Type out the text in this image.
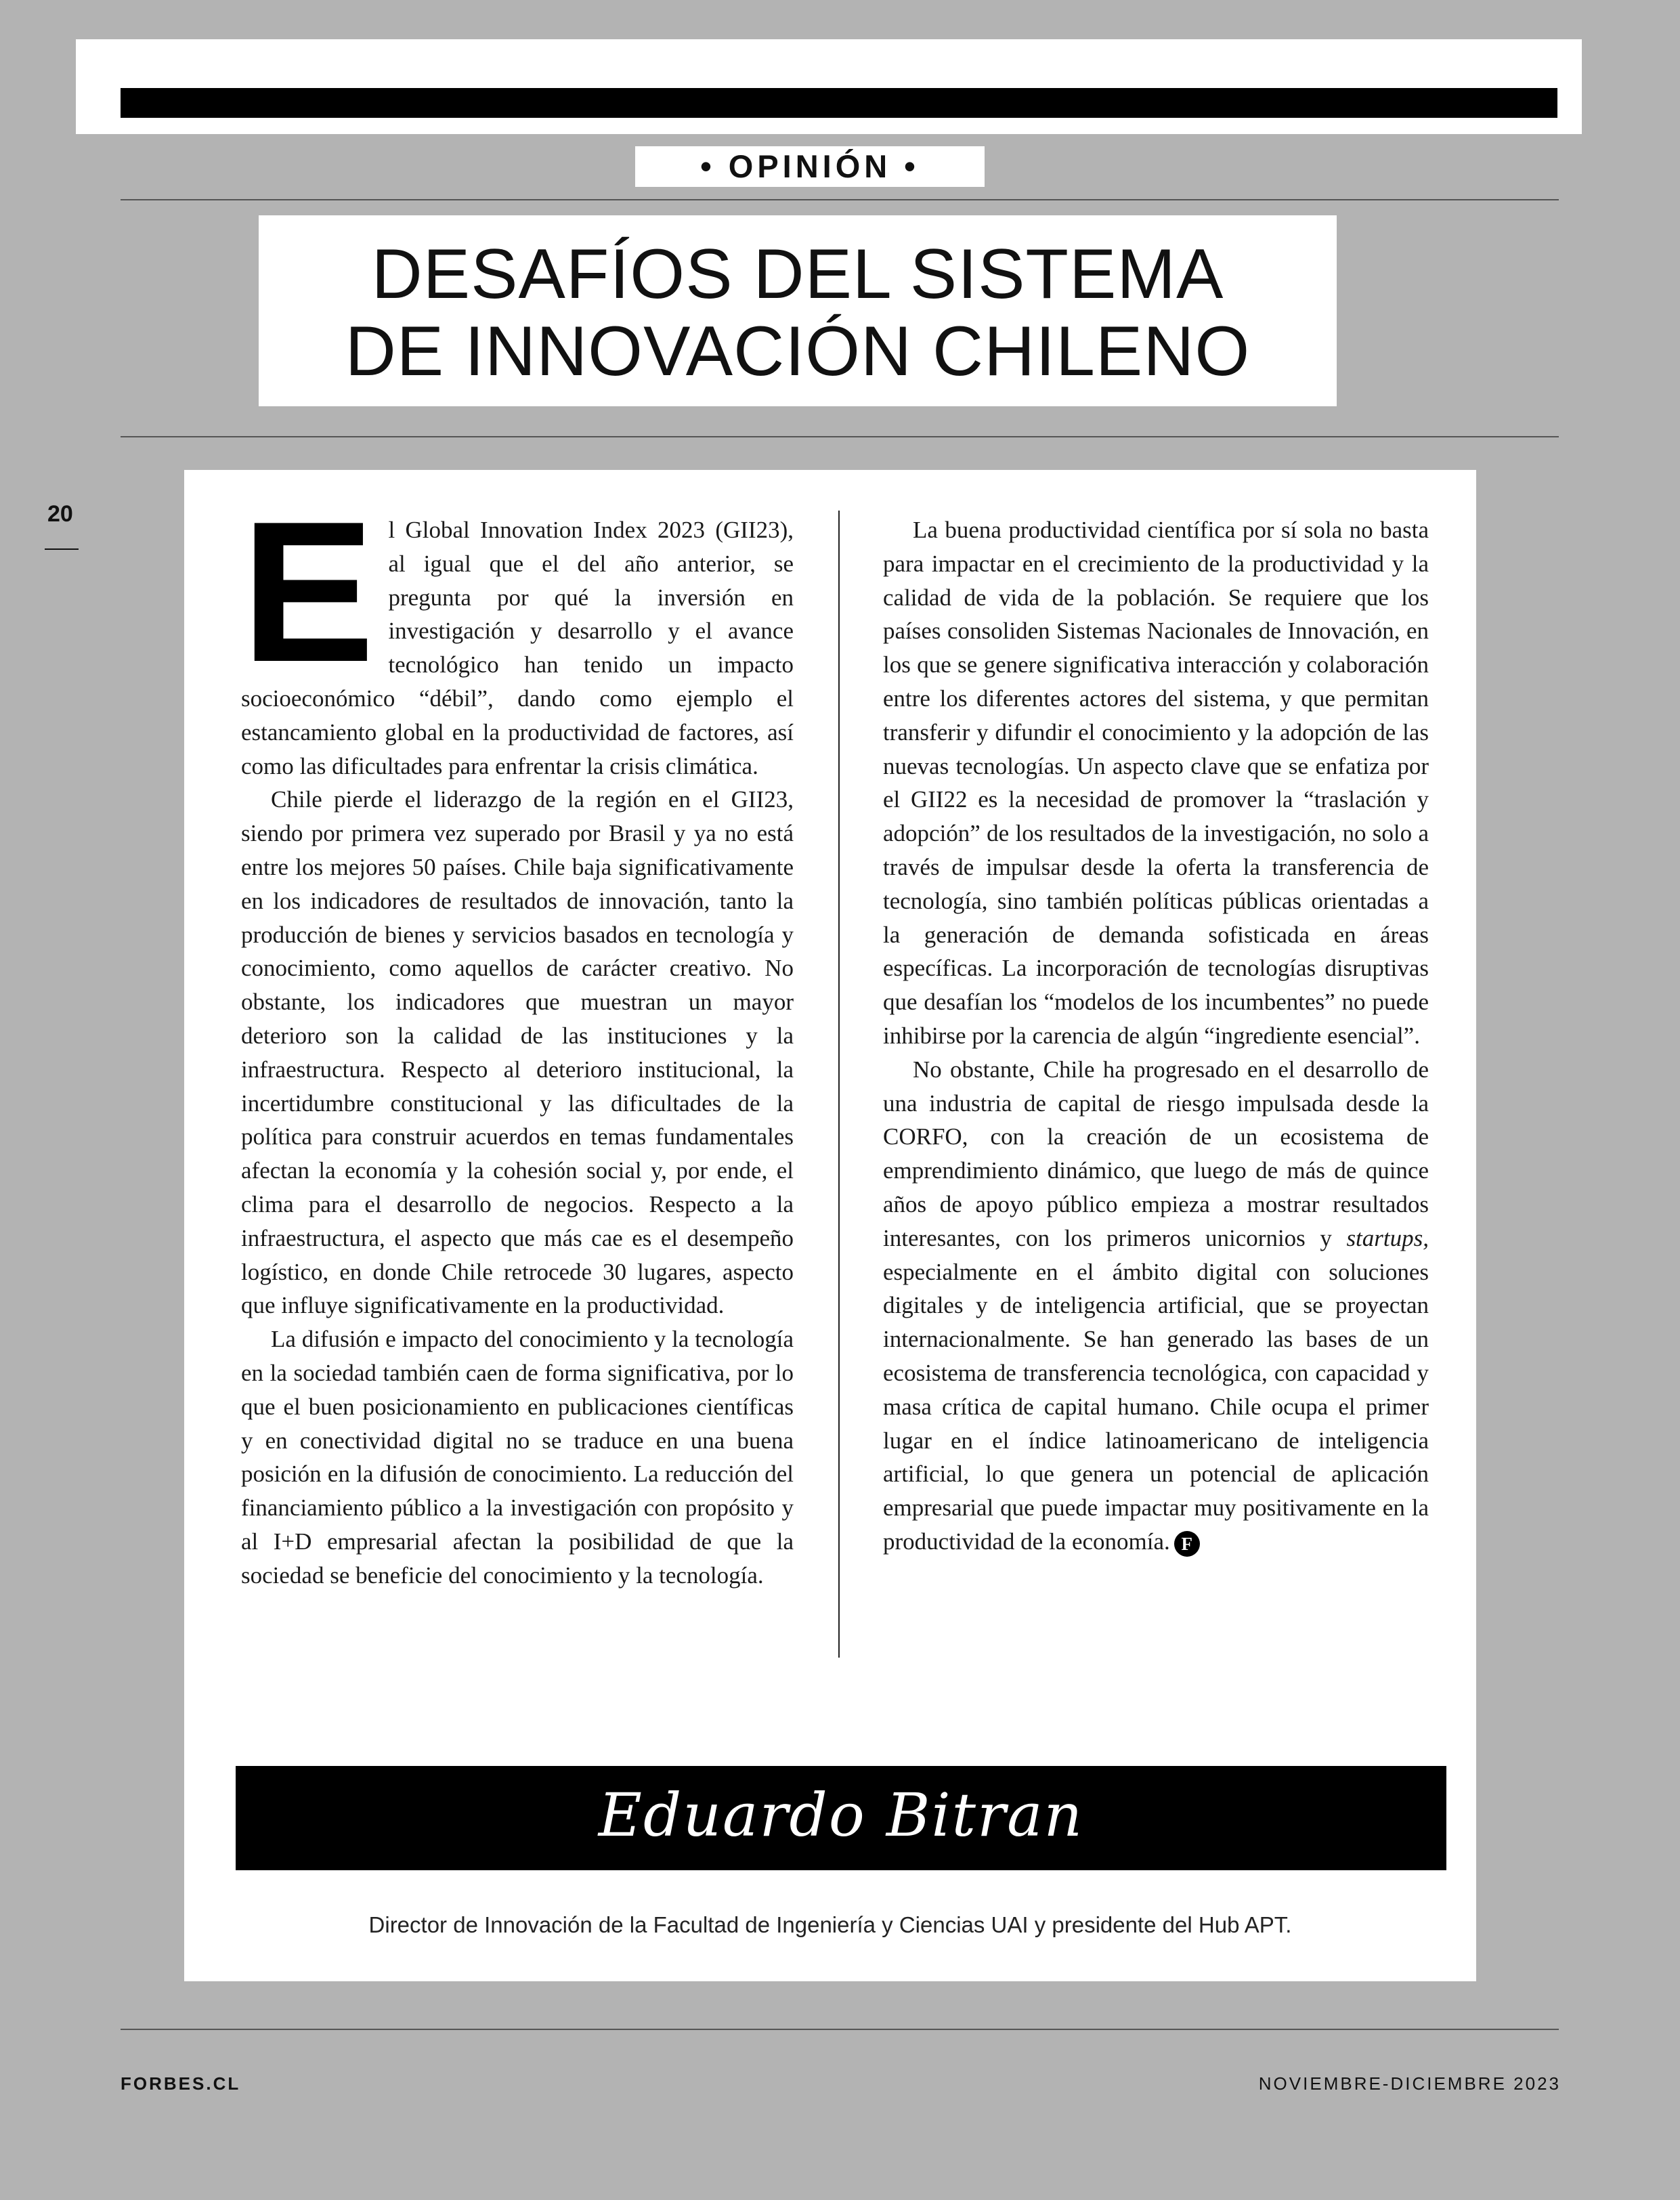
• OPINIÓN •
DESAFÍOS DEL SISTEMA
DE INNOVACIÓN CHILENO
20 El Global Innovation Index 2023 (GII23), al igual que el del año anterior, se pregunta por qué la inversión en investigación y desarrollo y el avance tecnológico han tenido un impacto socioeconómico “débil”, dando como ejemplo el estancamiento global en la productividad de factores, así como las dificultades para enfrentar la crisis climática.

Chile pierde el liderazgo de la región en el GII23, siendo por primera vez superado por Brasil y ya no está entre los mejores 50 países. Chile baja significativamente en los indicadores de resultados de innovación, tanto la producción de bienes y servicios basados en tecnología y conocimiento, como aquellos de carácter creativo. No obstante, los indicadores que muestran un mayor deterioro son la calidad de las instituciones y la infraestructura. Respecto al deterioro institucional, la incertidumbre constitucional y las dificultades de la política para construir acuerdos en temas fundamentales afectan la economía y la cohesión social y, por ende, el clima para el desarrollo de negocios. Respecto a la infraestructura, el aspecto que más cae es el desempeño logístico, en donde Chile retrocede 30 lugares, aspecto que influye significativamente en la productividad.

La difusión e impacto del conocimiento y la tecnología en la sociedad también caen de forma significativa, por lo que el buen posicionamiento en publicaciones científicas y en conectividad digital no se traduce en una buena posición en la difusión de conocimiento. La reducción del financiamiento público a la investigación con propósito y al I+D empresarial afectan la posibilidad de que la sociedad se beneficie del conocimiento y la tecnología.

La buena productividad científica por sí sola no basta para impactar en el crecimiento de la productividad y la calidad de vida de la población. Se requiere que los países consoliden Sistemas Nacionales de Innovación, en los que se genere significativa interacción y colaboración entre los diferentes actores del sistema, y que permitan transferir y difundir el conocimiento y la adopción de las nuevas tecnologías. Un aspecto clave que se enfatiza por el GII22 es la necesidad de promover la “traslación y adopción” de los resultados de la investigación, no solo a través de impulsar desde la oferta la transferencia de tecnología, sino también políticas públicas orientadas a la generación de demanda sofisticada en áreas específicas. La incorporación de tecnologías disruptivas que desafían los “modelos de los incumbentes” no puede inhibirse por la carencia de algún “ingrediente esencial”.

No obstante, Chile ha progresado en el desarrollo de una industria de capital de riesgo impulsada desde la CORFO, con la creación de un ecosistema de emprendimiento dinámico, que luego de más de quince años de apoyo público empieza a mostrar resultados interesantes, con los primeros unicornios y startups, especialmente en el ámbito digital con soluciones digitales y de inteligencia artificial, que se proyectan internacionalmente. Se han generado las bases de un ecosistema de transferencia tecnológica, con capacidad y masa crítica de capital humano. Chile ocupa el primer lugar en el índice latinoamericano de inteligencia artificial, lo que genera un potencial de aplicación empresarial que puede impactar muy positivamente en la productividad de la economía. F

Eduardo Bitran
Director de Innovación de la Facultad de Ingeniería y Ciencias UAI y presidente del Hub APT.
FORBES.CL	NOVIEMBRE-DICIEMBRE 2023
